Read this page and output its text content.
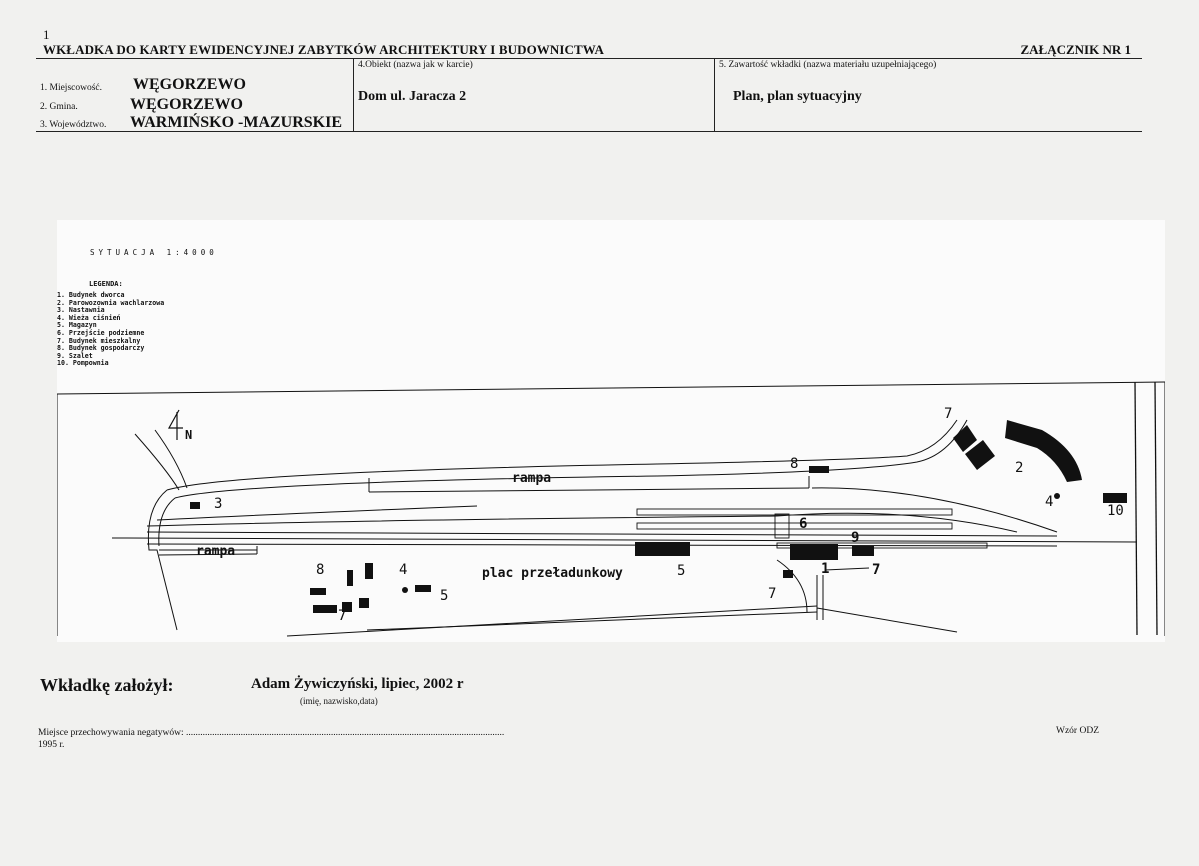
1
WKŁADKA DO KARTY EWIDENCYJNEJ ZABYTKÓW ARCHITEKTURY I BUDOWNICTWA	ZAŁĄCZNIK NR 1
1. Miejscowość. WĘGORZEWO
2. Gmina.	WĘGORZEWO
3. Województwo. WARMIŃSKO -MAZURSKIE
4.Obiekt (nazwa jak w karcie)
Dom ul. Jaracza 2
5. Zawartość wkładki (nazwa materiału uzupełniającego)
Plan, plan sytuacyjny
SYTUACJA 1:4000
LEGENDA:
1. Budynek dworca
2. Parowozownia wachlarzowa
3. Nastawnia
4. Wieża ciśnień
5. Magazyn
6. Przejście podziemne
7. Budynek mieszkalny
8. Budynek gospodarczy
9. Szalet
10. Pompownia
N
rampa
rampa
plac przeładunkowy
3
8
7
2
4
10
6
9
5	1	7
7
8	4
5
7
Wkładkę założył:	Adam Żywiczyński, lipiec, 2002 r
(imię, nazwisko,data)
Miejsce przechowywania negatywów: ......................................................................................................................................
1995 r.
Wzór ODZ
